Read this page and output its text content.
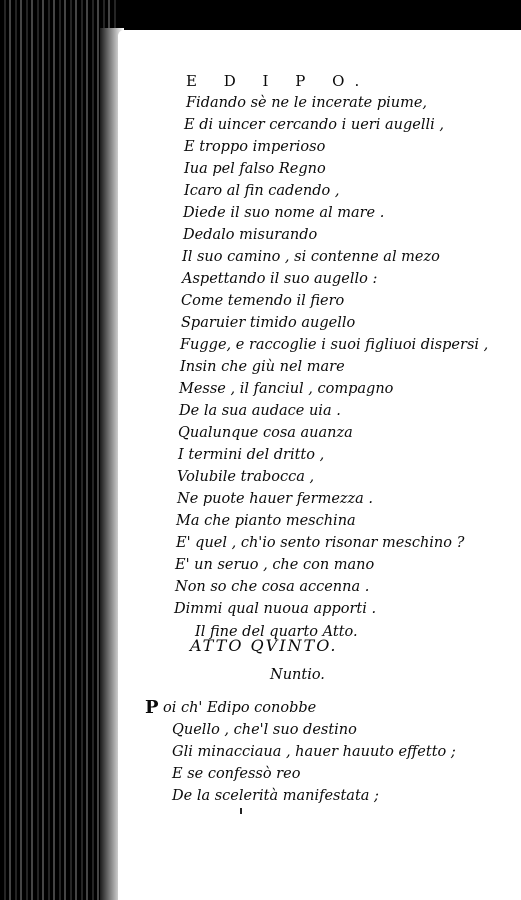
E D I P O.
Fidando sè ne le incerate piume,
E di uincer cercando i ueri augelli ,
E troppo imperioso
Iua pel falso Regno
Icaro al fin cadendo ,
Diede il suo nome al mare .
Dedalo misurando
Il suo camino , si contenne al mezo
Aspettando il suo augello :
Come temendo il fiero
Sparuier timido augello
Fugge, e raccoglie i suoi figliuoi dispersi ,
Insin che giù nel mare
Messe , il fanciul , compagno
De la sua audace uia .
Qualunque cosa auanza
I termini del dritto ,
Volubile trabocca ,
Ne puote hauer fermezza .
Ma che pianto meschina
E' quel , ch'io sento risonar meschino ?
E' un seruo , che con mano
Non so che cosa accenna .
Dimmi qual nuoua apporti .
Il fine del quarto Atto.
ATTO QVINTO.
Nuntio.
P oi ch' Edipo conobbe
Quello , che'l suo destino
Gli minacciaua , hauer hauuto effetto ;
E se confessò reo
De la scelerità manifestata ;
